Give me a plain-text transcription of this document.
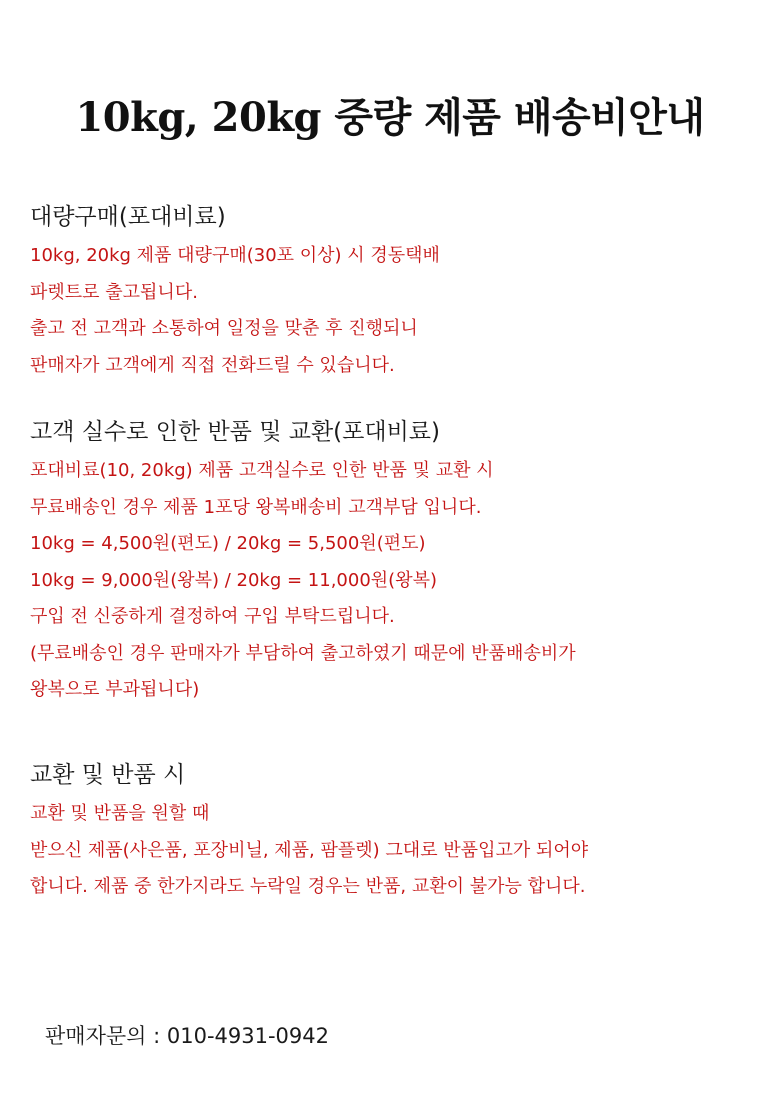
10kg, 20kg 중량 제품 배송비안내
대량구매(포대비료)
10kg, 20kg 제품 대량구매(30포 이상) 시 경동택배
파렛트로 출고됩니다.
출고 전 고객과 소통하여 일정을 맞춘 후 진행되니
판매자가 고객에게 직접 전화드릴 수 있습니다.
고객 실수로 인한 반품 및 교환(포대비료)
포대비료(10, 20kg) 제품 고객실수로 인한 반품 및 교환 시
무료배송인 경우 제품 1포당 왕복배송비 고객부담 입니다.
10kg = 4,500원(편도) / 20kg = 5,500원(편도)
10kg = 9,000원(왕복) / 20kg = 11,000원(왕복)
구입 전 신중하게 결정하여 구입 부탁드립니다.
(무료배송인 경우 판매자가 부담하여 출고하였기 때문에 반품배송비가
왕복으로 부과됩니다)
교환 및 반품 시
교환 및 반품을 원할 때
받으신 제품(사은품, 포장비닐, 제품, 팜플렛) 그대로 반품입고가 되어야
합니다. 제품 중 한가지라도 누락일 경우는 반품, 교환이 불가능 합니다.
판매자문의 : 010-4931-0942
